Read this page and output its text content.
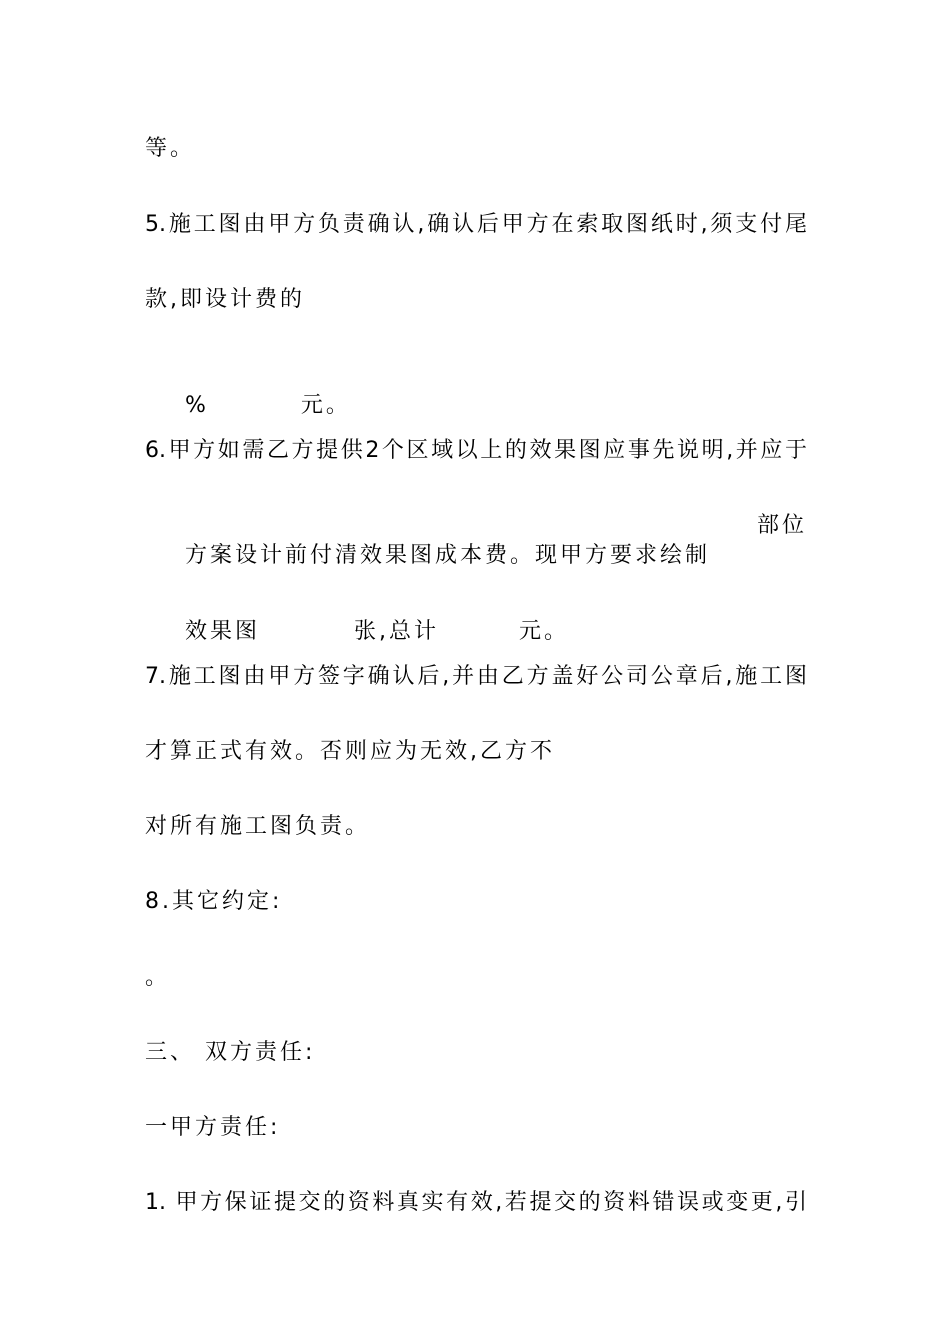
等。
5.施工图由甲方负责确认,确认后甲方在索取图纸时,须支付尾
款,即设计费的

%	元。

6.甲方如需乙方提供2个区域以上的效果图应事先说明,并应于

方案设计前付清效果图成本费。现甲方要求绘制
部位

效果图	张,总计	元。

7.施工图由甲方签字确认后,并由乙方盖好公司公章后,施工图
才算正式有效。否则应为无效,乙方不
对所有施工图负责。
8.其它约定:
。
三、 双方责任:
一甲方责任:
1. 甲方保证提交的资料真实有效,若提交的资料错误或变更,引
